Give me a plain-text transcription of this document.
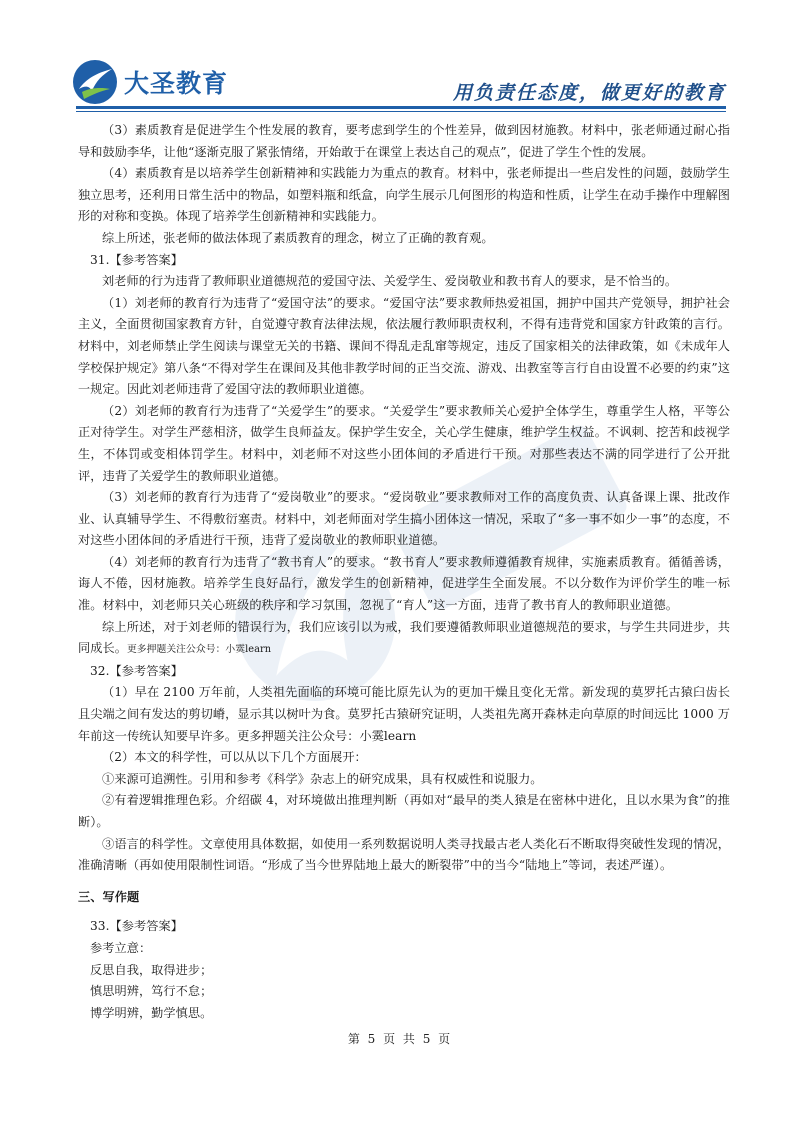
大圣教育	用负责任态度，做更好的教育

（3）素质教育是促进学生个性发展的教育，要考虑到学生的个性差异，做到因材施教。材料中，张老师通过耐心指导和鼓励李华，让他“逐渐克服了紧张情绪，开始敢于在课堂上表达自己的观点”，促进了学生个性的发展。

（4）素质教育是以培养学生创新精神和实践能力为重点的教育。材料中，张老师提出一些启发性的问题，鼓励学生独立思考，还利用日常生活中的物品，如塑料瓶和纸盒，向学生展示几何图形的构造和性质，让学生在动手操作中理解图形的对称和变换。体现了培养学生创新精神和实践能力。

综上所述，张老师的做法体现了素质教育的理念，树立了正确的教育观。

31.【参考答案】

刘老师的行为违背了教师职业道德规范的爱国守法、关爱学生、爱岗敬业和教书育人的要求，是不恰当的。

（1）刘老师的教育行为违背了“爱国守法”的要求。“爱国守法”要求教师热爱祖国，拥护中国共产党领导，拥护社会主义，全面贯彻国家教育方针，自觉遵守教育法律法规，依法履行教师职责权利，不得有违背党和国家方针政策的言行。材料中，刘老师禁止学生阅读与课堂无关的书籍、课间不得乱走乱窜等规定，违反了国家相关的法律政策，如《未成年人学校保护规定》第八条“不得对学生在课间及其他非教学时间的正当交流、游戏、出教室等言行自由设置不必要的约束”这一规定。因此刘老师违背了爱国守法的教师职业道德。

（2）刘老师的教育行为违背了“关爱学生”的要求。“关爱学生”要求教师关心爱护全体学生，尊重学生人格，平等公正对待学生。对学生严慈相济，做学生良师益友。保护学生安全，关心学生健康，维护学生权益。不讽刺、挖苦和歧视学生，不体罚或变相体罚学生。材料中，刘老师不对这些小团体间的矛盾进行干预。对那些表达不满的同学进行了公开批评，违背了关爱学生的教师职业道德。

（3）刘老师的教育行为违背了“爱岗敬业”的要求。“爱岗敬业”要求教师对工作的高度负责、认真备课上课、批改作业、认真辅导学生、不得敷衍塞责。材料中，刘老师面对学生搞小团体这一情况，采取了“多一事不如少一事”的态度，不对这些小团体间的矛盾进行干预，违背了爱岗敬业的教师职业道德。

（4）刘老师的教育行为违背了“教书育人”的要求。“教书育人”要求教师遵循教育规律，实施素质教育。循循善诱，诲人不倦，因材施教。培养学生良好品行，激发学生的创新精神，促进学生全面发展。不以分数作为评价学生的唯一标准。材料中，刘老师只关心班级的秩序和学习氛围，忽视了“育人”这一方面，违背了教书育人的教师职业道德。

综上所述，对于刘老师的错误行为，我们应该引以为戒，我们要遵循教师职业道德规范的要求，与学生共同进步，共同成长。更多押题关注公众号：小霙learn

32.【参考答案】

（1）早在 2100 万年前，人类祖先面临的环境可能比原先认为的更加干燥且变化无常。新发现的莫罗托古猿臼齿长且尖端之间有发达的剪切嵴，显示其以树叶为食。莫罗托古猿研究证明，人类祖先离开森林走向草原的时间远比 1000 万年前这一传统认知要早许多。更多押题关注公众号：小霙learn

（2）本文的科学性，可以从以下几个方面展开：

①来源可追溯性。引用和参考《科学》杂志上的研究成果，具有权威性和说服力。

②有着逻辑推理色彩。介绍碳 4，对环境做出推理判断（再如对“最早的类人猿是在密林中进化，且以水果为食”的推断）。

③语言的科学性。文章使用具体数据，如使用一系列数据说明人类寻找最古老人类化石不断取得突破性发现的情况，准确清晰（再如使用限制性词语。“形成了当今世界陆地上最大的断裂带”中的当今“陆地上”等词，表述严谨）。

三、写作题

33.【参考答案】

参考立意：

反思自我，取得进步；

慎思明辨，笃行不怠；

博学明辨，勤学慎思。

第 5 页 共 5 页
